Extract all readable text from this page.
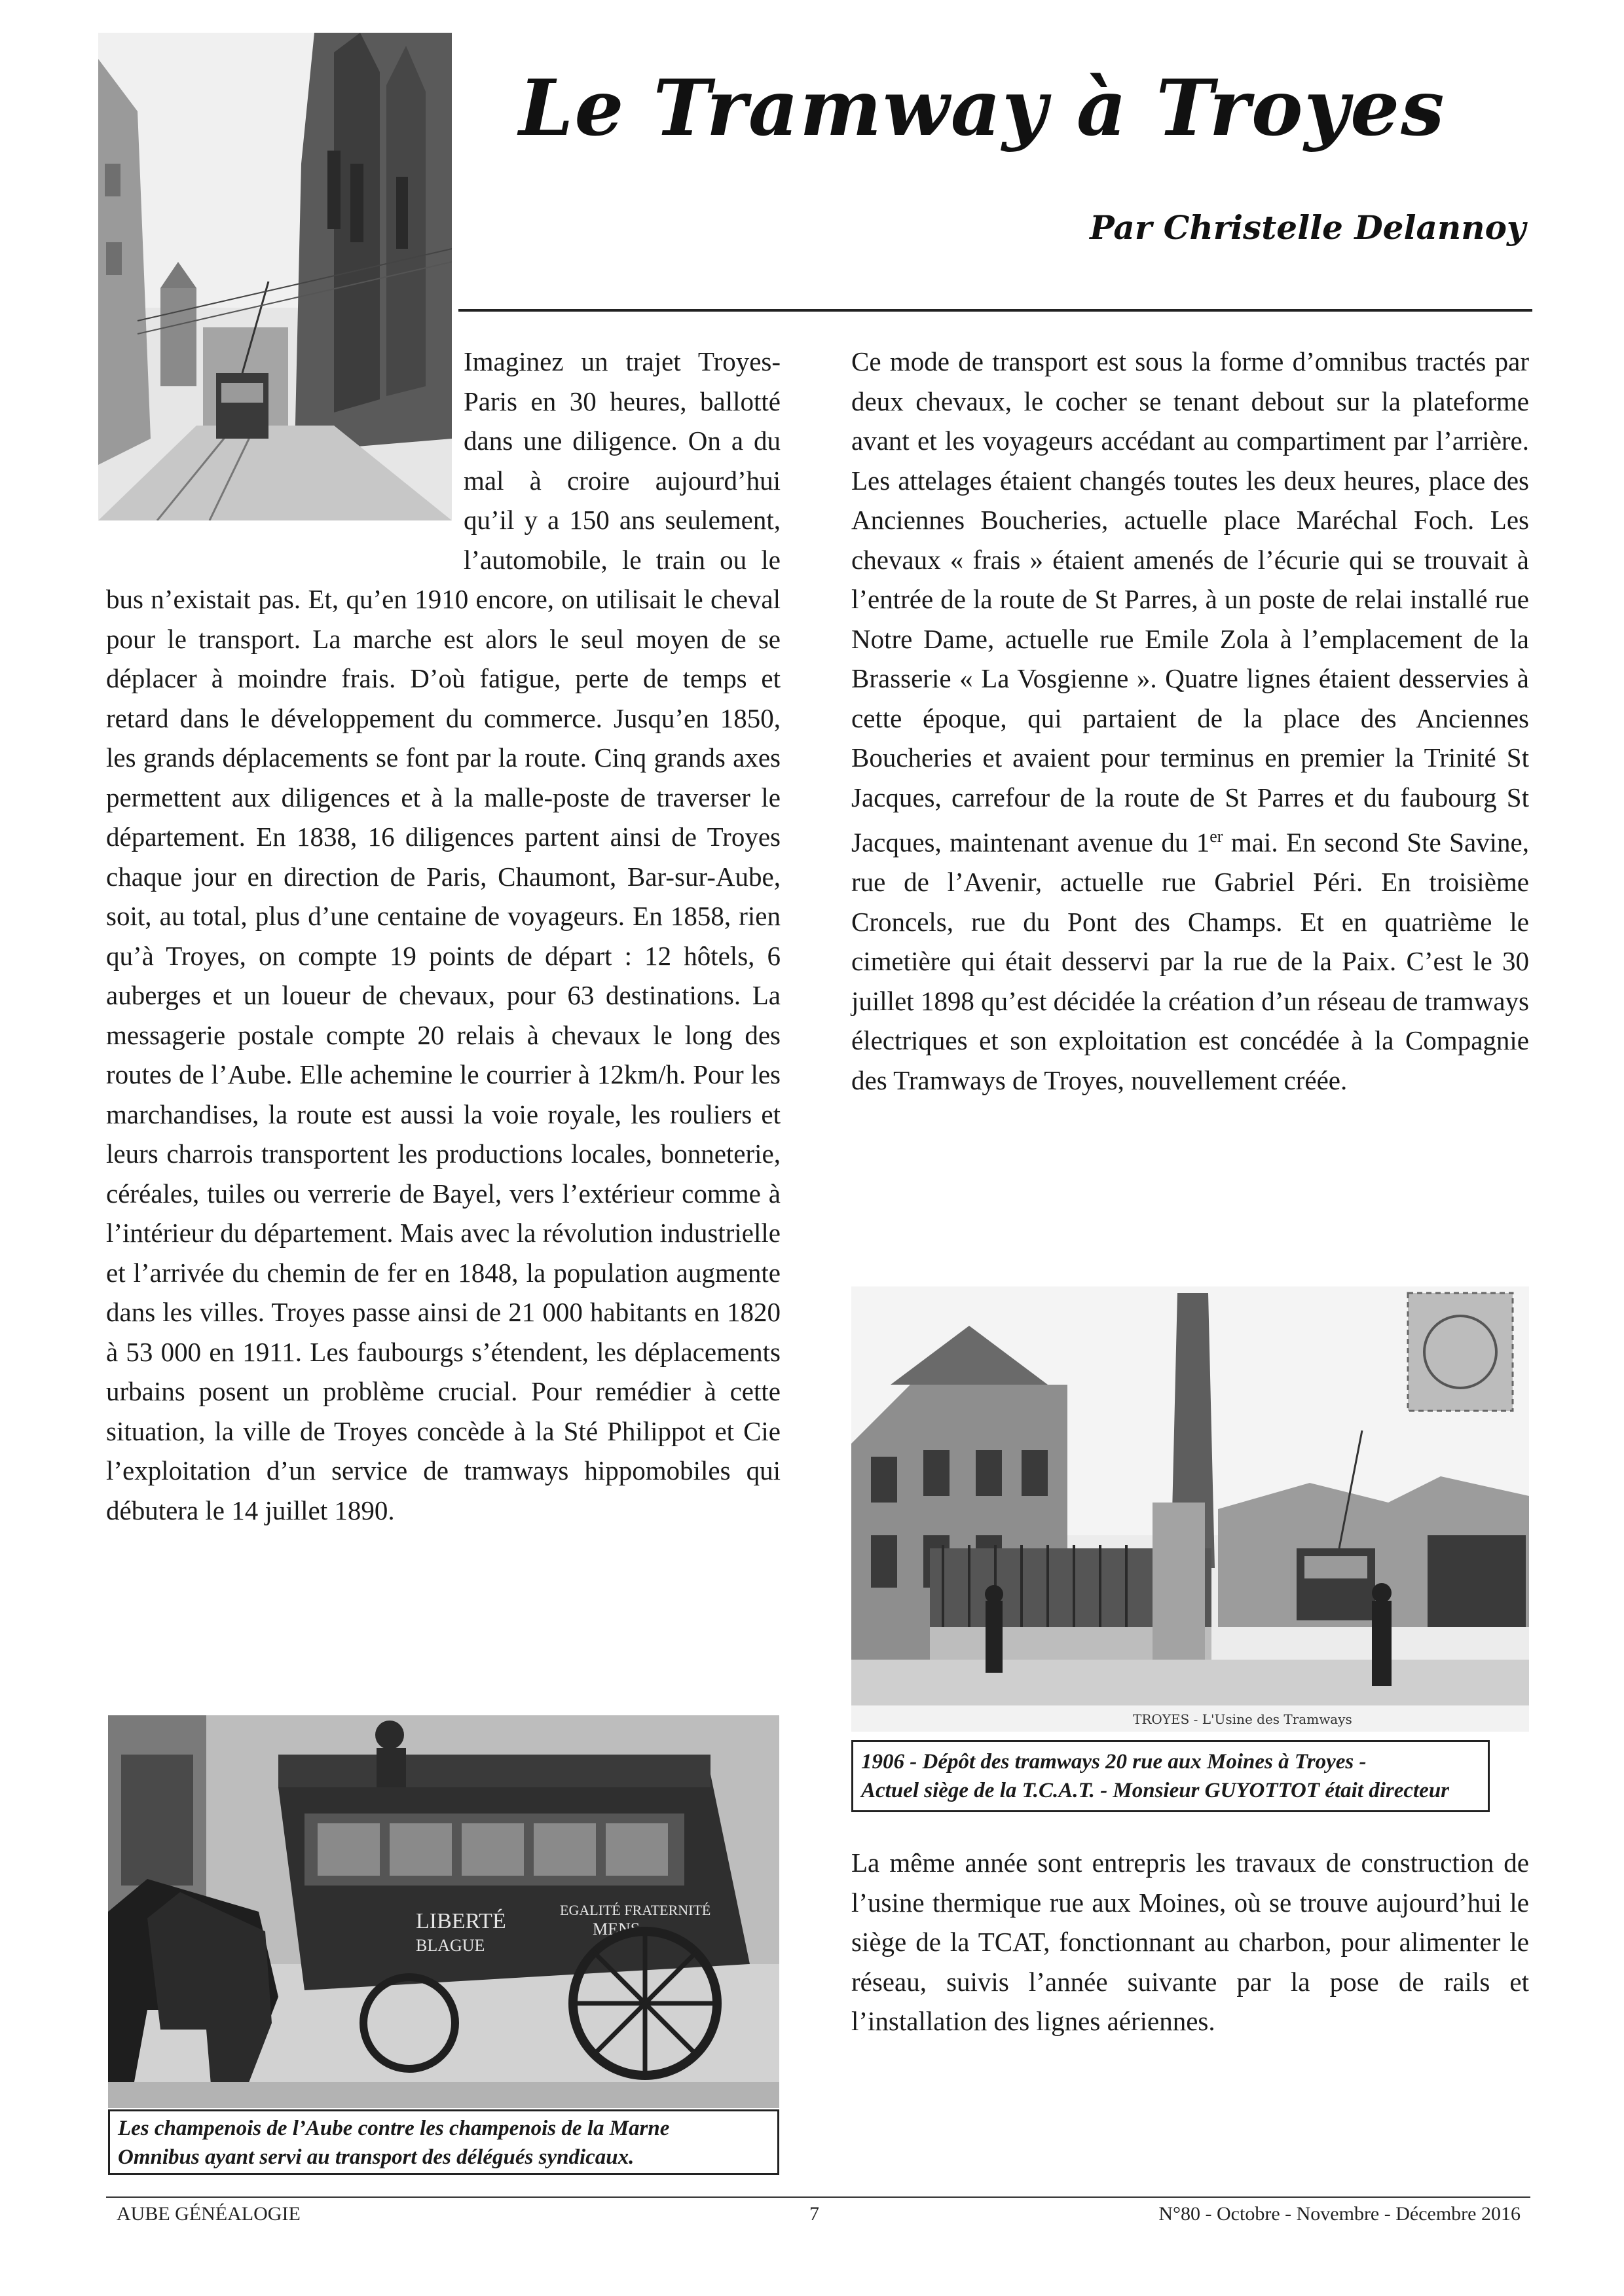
Le Tramway à Troyes
Par Christelle Delannoy

Imaginez un trajet Troyes-Paris en 30 heures, ballotté dans une diligence. On a du mal à croire aujourd’hui qu’il y a 150 ans seulement, l’automobile, le train ou le bus n’existait pas. Et, qu’en 1910 encore, on utilisait le cheval pour le transport. La marche est alors le seul moyen de se déplacer à moindre frais. D’où fatigue, perte de temps et retard dans le développement du commerce. Jusqu’en 1850, les grands déplacements se font par la route. Cinq grands axes permettent aux diligences et à la malle-poste de traverser le département. En 1838, 16 diligences partent ainsi de Troyes chaque jour en direction de Paris, Chaumont, Bar-sur-Aube, soit, au total, plus d’une centaine de voyageurs. En 1858, rien qu’à Troyes, on compte 19 points de départ : 12 hôtels, 6 auberges et un loueur de chevaux, pour 63 destinations. La messagerie postale compte 20 relais à chevaux le long des routes de l’Aube. Elle achemine le courrier à 12km/h. Pour les marchandises, la route est aussi la voie royale, les rouliers et leurs charrois transportent les productions locales, bonneterie, céréales, tuiles ou verrerie de Bayel, vers l’extérieur comme à l’intérieur du département. Mais avec la révolution industrielle et l’arrivée du chemin de fer en 1848, la population augmente dans les villes. Troyes passe ainsi de 21 000 habitants en 1820 à 53 000 en 1911. Les faubourgs s’étendent, les déplacements urbains posent un problème crucial. Pour remédier à cette situation, la ville de Troyes concède à la Sté Philippot et Cie l’exploitation d’un service de tramways hippomobiles qui débutera le 14 juillet 1890.

Ce mode de transport est sous la forme d’omnibus tractés par deux chevaux, le cocher se tenant debout sur la plateforme avant et les voyageurs accédant au compartiment par l’arrière. Les attelages étaient changés toutes les deux heures, place des Anciennes Boucheries, actuelle place Maréchal Foch. Les chevaux « frais » étaient amenés de l’écurie qui se trouvait à l’entrée de la route de St Parres, à un poste de relai installé rue Notre Dame, actuelle rue Emile Zola à l’emplacement de la Brasserie « La Vosgienne ». Quatre lignes étaient desservies à cette époque, qui partaient de la place des Anciennes Boucheries et avaient pour terminus en premier la Trinité St Jacques, carrefour de la route de St Parres et du faubourg St Jacques, maintenant avenue du 1er mai. En second Ste Savine, rue de l’Avenir, actuelle rue Gabriel Péri. En troisième Croncels, rue du Pont des Champs. Et en quatrième le cimetière qui était desservi par la rue de la Paix. C’est le 30 juillet 1898 qu’est décidée la création d’un réseau de tramways électriques et son exploitation est concédée à la Compagnie des Tramways de Troyes, nouvellement créée.

TROYES - L'Usine des Tramways
1906 - Dépôt des tramways 20 rue aux Moines à Troyes -
Actuel siège de la T.C.A.T. - Monsieur GUYOTTOT était directeur

La même année sont entrepris les travaux de construction de l’usine thermique rue aux Moines, où se trouve aujourd’hui le siège de la TCAT, fonctionnant au charbon, pour alimenter le réseau, suivis l’année suivante par la pose de rails et l’installation des lignes aériennes.

LIBERTÉ
BLAGUE
EGALITÉ FRATERNITÉ
MENS
Les champenois de l’Aube contre les champenois de la Marne
Omnibus ayant servi au transport des délégués syndicaux.
AUBE GÉNÉALOGIE	7	N°80 - Octobre - Novembre - Décembre 2016
